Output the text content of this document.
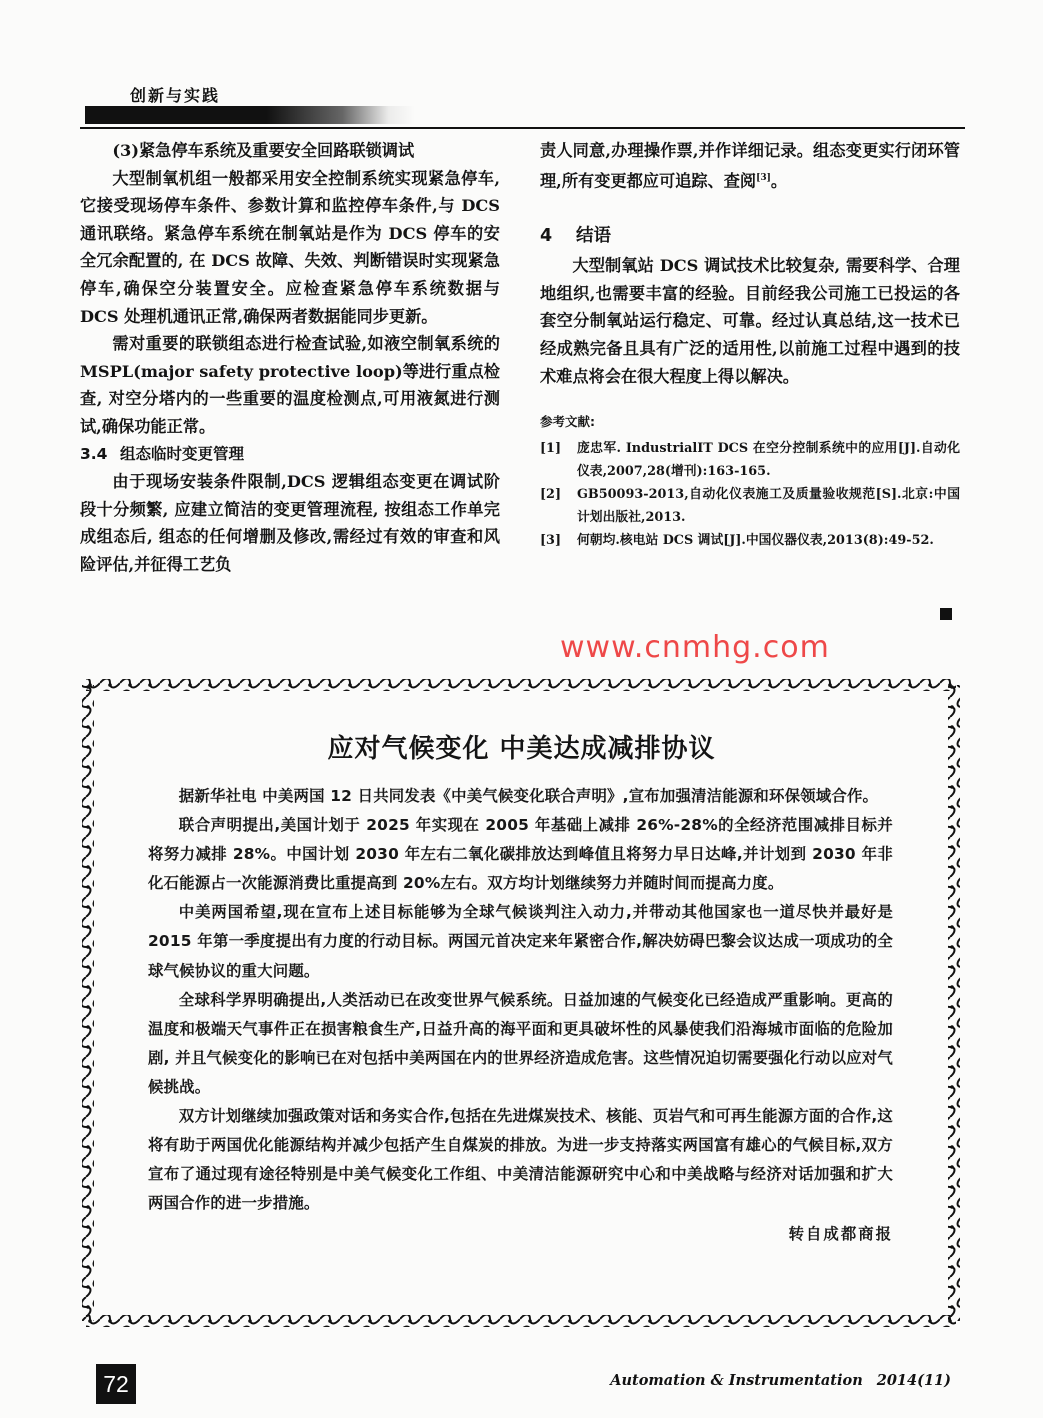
创新与实践

(3)紧急停车系统及重要安全回路联锁调试

大型制氧机组一般都采用安全控制系统实现紧急停车,它接受现场停车条件、参数计算和监控停车条件,与 DCS 通讯联络。紧急停车系统在制氧站是作为 DCS 停车的安全冗余配置的, 在 DCS 故障、失效、判断错误时实现紧急停车,确保空分装置安全。应检查紧急停车系统数据与 DCS 处理机通讯正常,确保两者数据能同步更新。

需对重要的联锁组态进行检查试验,如液空制氧系统的 MSPL(major safety protective loop)等进行重点检查, 对空分塔内的一些重要的温度检测点,可用液氮进行测试,确保功能正常。

3.4 组态临时变更管理

由于现场安装条件限制,DCS 逻辑组态变更在调试阶段十分频繁, 应建立简洁的变更管理流程, 按组态工作单完成组态后, 组态的任何增删及修改,需经过有效的审查和风险评估,并征得工艺负

责人同意,办理操作票,并作详细记录。组态变更实行闭环管理,所有变更都应可追踪、查阅[3]。

4 结语

大型制氧站 DCS 调试技术比较复杂, 需要科学、合理地组织,也需要丰富的经验。目前经我公司施工已投运的各套空分制氧站运行稳定、可靠。经过认真总结,这一技术已经成熟完备且具有广泛的适用性,以前施工过程中遇到的技术难点将会在很大程度上得以解决。

参考文献:
[1]	庞忠军. IndustrialIT DCS 在空分控制系统中的应用[J].自动化仪表,2007,28(增刊):163-165.
[2]	GB50093-2013,自动化仪表施工及质量验收规范[S].北京:中国计划出版社,2013.
[3]	何朝均.核电站 DCS 调试[J].中国仪器仪表,2013(8):49-52.
应对气候变化 中美达成减排协议

据新华社电 中美两国 12 日共同发表《中美气候变化联合声明》,宣布加强清洁能源和环保领域合作。

联合声明提出,美国计划于 2025 年实现在 2005 年基础上减排 26%-28%的全经济范围减排目标并将努力减排 28%。中国计划 2030 年左右二氧化碳排放达到峰值且将努力早日达峰,并计划到 2030 年非化石能源占一次能源消费比重提高到 20%左右。双方均计划继续努力并随时间而提高力度。

中美两国希望,现在宣布上述目标能够为全球气候谈判注入动力,并带动其他国家也一道尽快并最好是 2015 年第一季度提出有力度的行动目标。两国元首决定来年紧密合作,解决妨碍巴黎会议达成一项成功的全球气候协议的重大问题。

全球科学界明确提出,人类活动已在改变世界气候系统。日益加速的气候变化已经造成严重影响。更高的温度和极端天气事件正在损害粮食生产,日益升高的海平面和更具破坏性的风暴使我们沿海城市面临的危险加剧, 并且气候变化的影响已在对包括中美两国在内的世界经济造成危害。这些情况迫切需要强化行动以应对气候挑战。

双方计划继续加强政策对话和务实合作,包括在先进煤炭技术、核能、页岩气和可再生能源方面的合作,这将有助于两国优化能源结构并减少包括产生自煤炭的排放。为进一步支持落实两国富有雄心的气候目标,双方宣布了通过现有途径特别是中美气候变化工作组、中美清洁能源研究中心和中美战略与经济对话加强和扩大两国合作的进一步措施。

转自成都商报
www.cnmhg.com
72	Automation & Instrumentation 2014(11)
